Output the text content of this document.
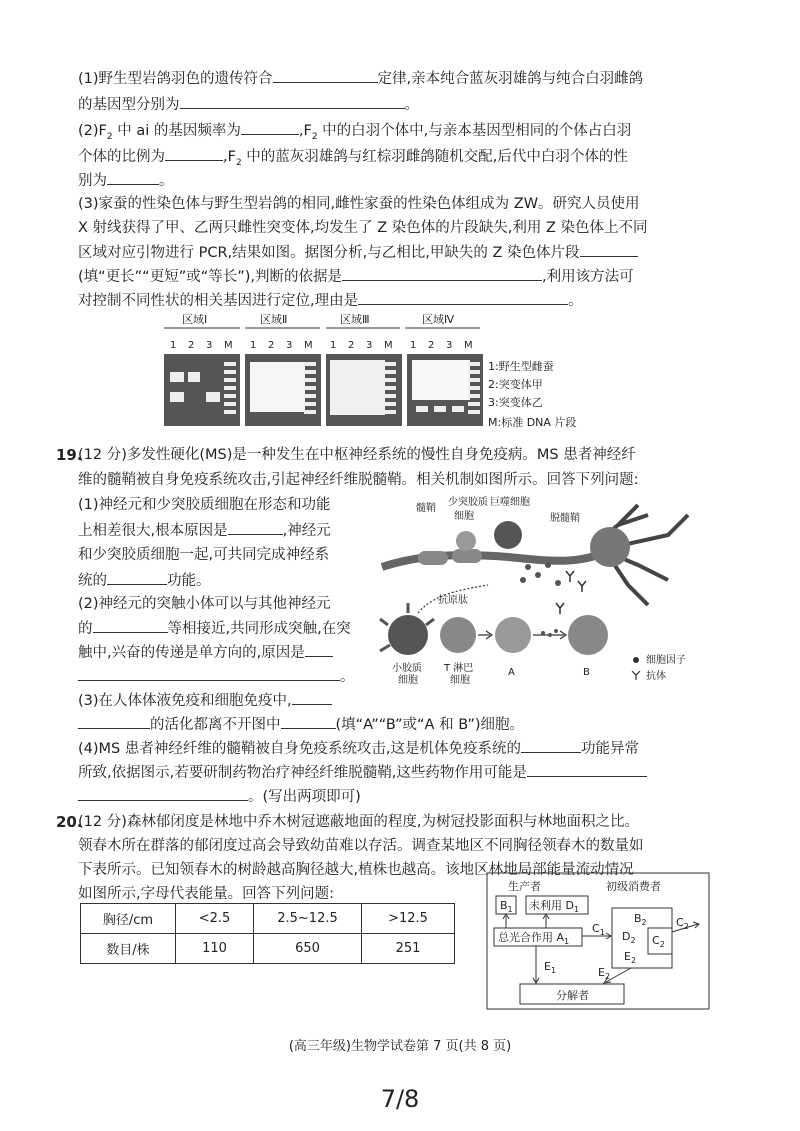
(1)野生型岩鸽羽色的遗传符合	定律,亲本纯合蓝灰羽雄鸽与纯合白羽雌鸽
的基因型分别为	。
$(2)F_2$ 中 ai 的基因频率为	$,F_2$ 中的白羽个体中,与亲本基因型相同的个体占白羽
个体的比例为	$,F_2$ 中的蓝灰羽雄鸽与红棕羽雌鸽随机交配,后代中白羽个体的性
别为	。
(3)家蚕的性染色体与野生型岩鸽的相同,雌性家蚕的性染色体组成为 ZW。研究人员使用
X 射线获得了甲、乙两只雌性突变体,均发生了 Z 染色体的片段缺失,利用 Z 染色体上不同
区域对应引物进行 PCR,结果如图。据图分析,与乙相比,甲缺失的 Z 染色体片段
(填“更长”“更短”或“等长”),判断的依据是	,利用该方法可
对控制不同性状的相关基因进行定位,理由是	。
区域Ⅰ	区域Ⅱ	区域Ⅲ	区域Ⅳ
1 2 3 M 1 2 3 M 1 2 3 M 1 2 3 M
1:野生型雌蚕
2:突变体甲
3:突变体乙
M:标准 DNA 片段
19.
(12 分)多发性硬化(MS)是一种发生在中枢神经系统的慢性自身免疫病。MS 患者神经纤
维的髓鞘被自身免疫系统攻击,引起神经纤维脱髓鞘。相关机制如图所示。回答下列问题:
(1)神经元和少突胶质细胞在形态和功能
上相差很大,根本原因是	,神经元
和少突胶质细胞一起,可共同完成神经系
统的	功能。
(2)神经元的突触小体可以与其他神经元
的	等相接近,共同形成突触,在突
触中,兴奋的传递是单方向的,原因是
。
髓鞘
少突胶质
细胞
巨噬细胞
脱髓鞘
抗原肽
小胶质
细胞
T 淋巴
细胞
A	B
细胞因子
抗体
(3)在人体体液免疫和细胞免疫中,
的活化都离不开图中	(填“A”“B”或“A 和 B”)细胞。
(4)MS 患者神经纤维的髓鞘被自身免疫系统攻击,这是机体免疫系统的	功能异常
所致,依据图示,若要研制药物治疗神经纤维脱髓鞘,这些药物作用可能是
。(写出两项即可)
20.
(12 分)森林郁闭度是林地中乔木树冠遮蔽地面的程度,为树冠投影面积与林地面积之比。
领春木所在群落的郁闭度过高会导致幼苗难以存活。调查某地区不同胸径领春木的数量如
下表所示。已知领春木的树龄越高胸径越大,植株也越高。该地区林地局部能量流动情况
如图所示,字母代表能量。回答下列问题:
胸径/cm	<2.5	2.5~12.5	>12.5
数目/株	110	650	251
生产者	初级消费者
$B_1$ 未利用 $D_1$
总光合作用 $A_1$
$C_1$
$B_2$
$D_2$
$E_2$
$C_2$
$C_2$
$E_1$	$E_2$
分解者
(高三年级)生物学试卷第 7 页(共 8 页)
7/8
